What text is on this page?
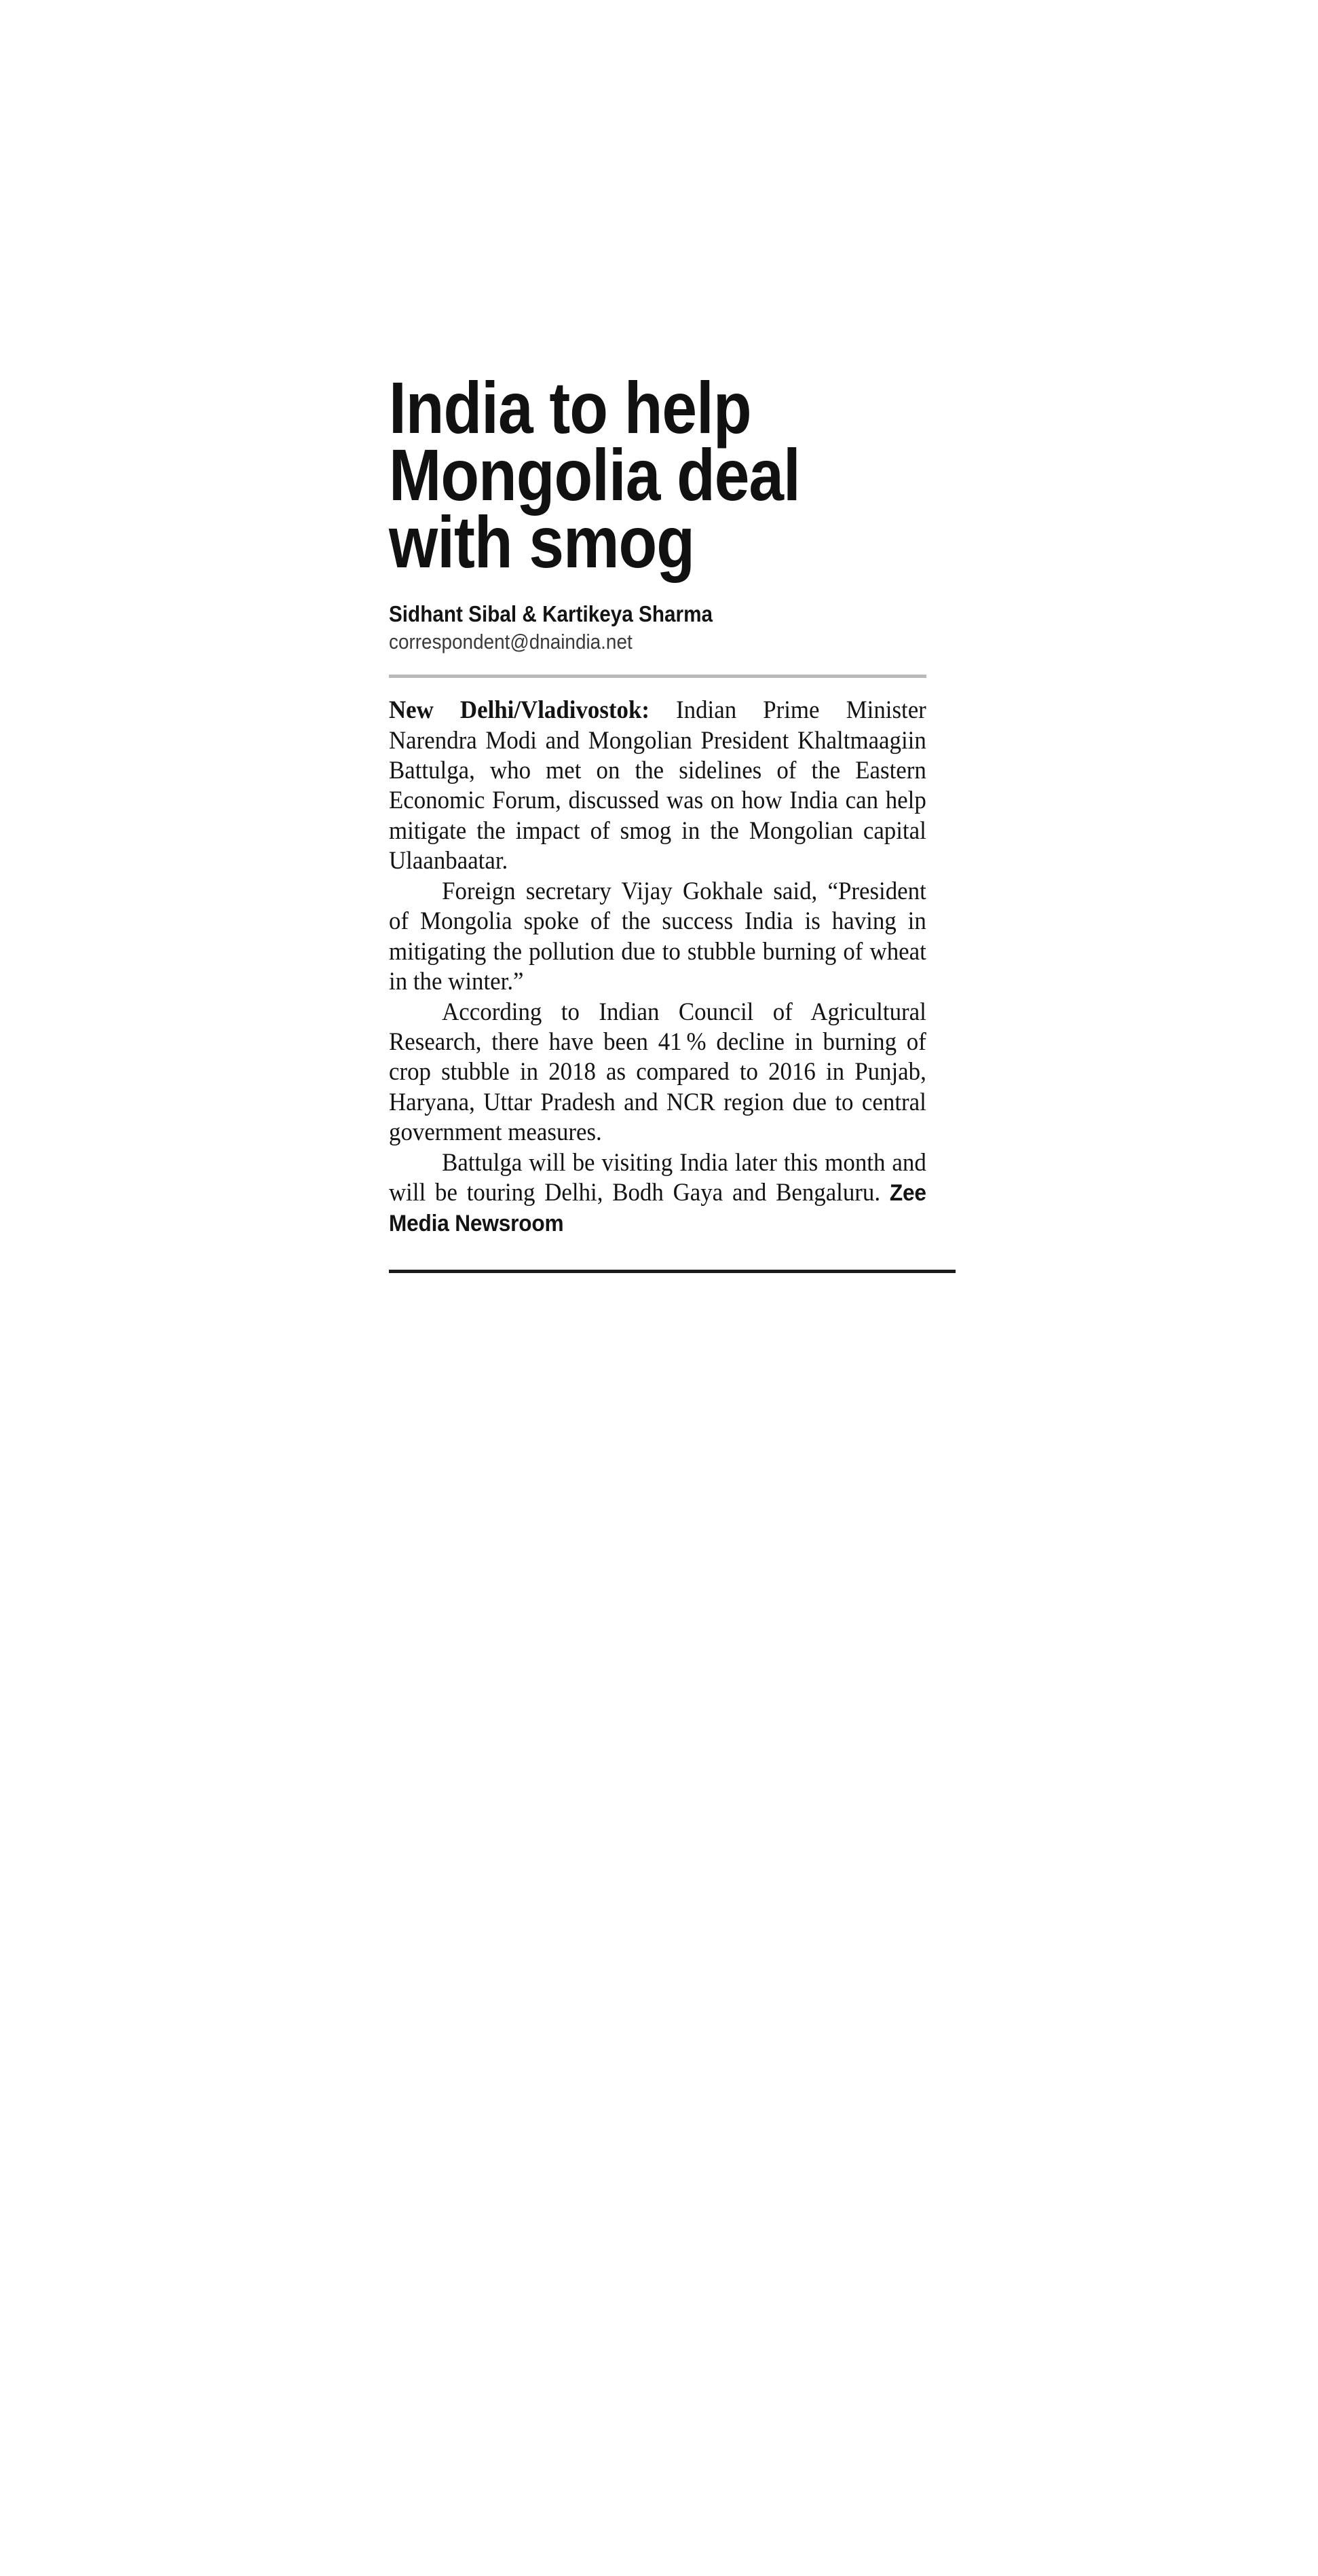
India to help
Mongolia deal
with smog
Sidhant Sibal & Kartikeya Sharma
correspondent@dnaindia.net

New Delhi/Vladivostok: Indian Prime Minister Narendra Modi and Mongolian President Khaltmaagiin Battulga, who met on the sidelines of the Eastern Economic Forum, discussed was on how India can help mitigate the impact of smog in the Mongolian capital Ulaanbaatar.

Foreign secretary Vijay Gokhale said, “President of Mongolia spoke of the success India is having in mitigating the pollution due to stubble burning of wheat in the winter.”

According to Indian Council of Agricultural Research, there have been 41 % decline in burning of crop stubble in 2018 as compared to 2016 in Punjab, Haryana, Uttar Pradesh and NCR region due to central government measures.

Battulga will be visiting India later this month and will be touring Delhi, Bodh Gaya and Bengaluru. Zee Media Newsroom
